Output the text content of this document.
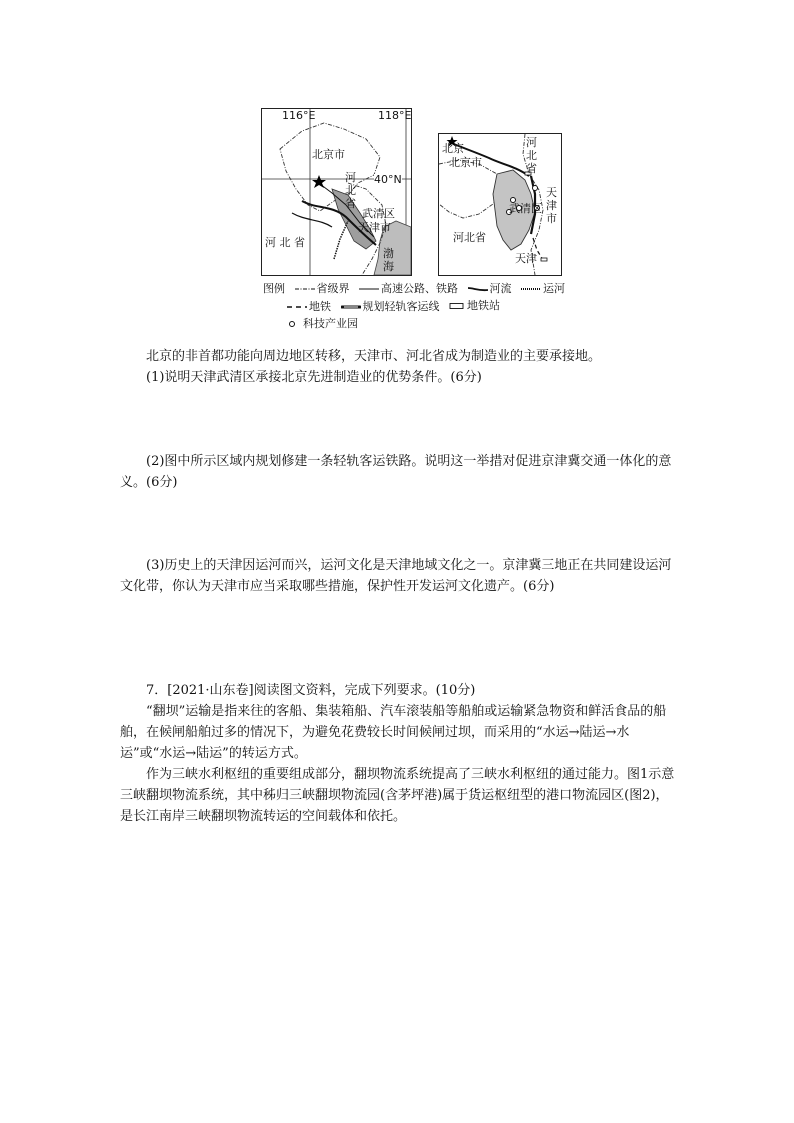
116°E	118°E
40°N
北京市
河北省
武清区
天津市
渤海
河 北 省
北京
北京市
河北省
天津市
武清区
河北省
天津
图例
	省级界
	高速公路、铁路
	河流
	运河
地铁
	规划轻轨客运线
	地铁站
科技产业园

北京的非首都功能向周边地区转移，天津市、河北省成为制造业的主要承接地。

(1)说明天津武清区承接北京先进制造业的优势条件。(6分)

(2)图中所示区域内规划修建一条轻轨客运铁路。说明这一举措对促进京津冀交通一体化的意义。(6分)

(3)历史上的天津因运河而兴，运河文化是天津地域文化之一。京津冀三地正在共同建设运河文化带，你认为天津市应当采取哪些措施，保护性开发运河文化遗产。(6分)

7．[2021·山东卷]阅读图文资料，完成下列要求。(10分)

“翻坝”运输是指来往的客船、集装箱船、汽车滚装船等船舶或运输紧急物资和鲜活食品的船舶，在候闸船舶过多的情况下，为避免花费较长时间候闸过坝，而采用的“水运→陆运→水运”或“水运→陆运”的转运方式。

作为三峡水利枢纽的重要组成部分，翻坝物流系统提高了三峡水利枢纽的通过能力。图1示意三峡翻坝物流系统，其中秭归三峡翻坝物流园(含茅坪港)属于货运枢纽型的港口物流园区(图2)，是长江南岸三峡翻坝物流转运的空间载体和依托。
